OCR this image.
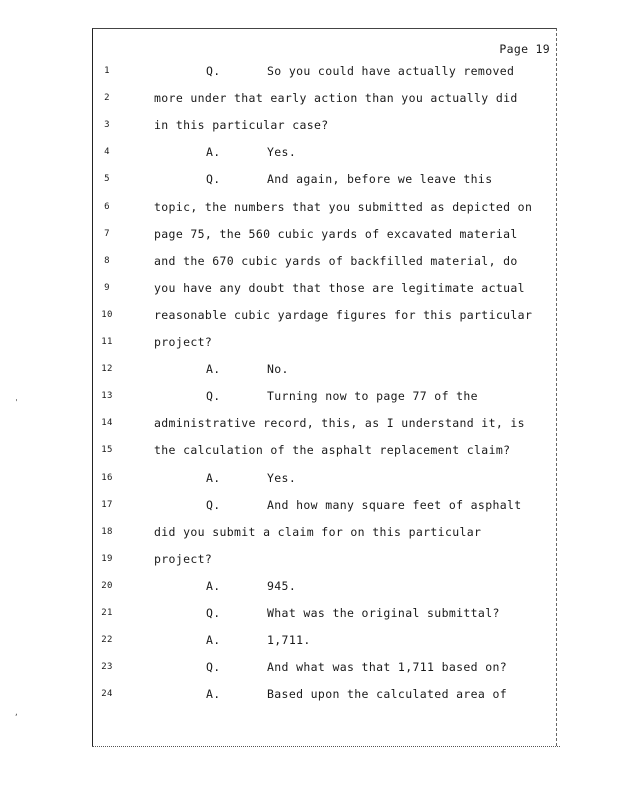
Page 19
'
,
1	Q.	So you could have actually removed
2	more under that early action than you actually did
3	in this particular case?
4	A.	Yes.
5	Q.	And again, before we leave this
6	topic, the numbers that you submitted as depicted on
7	page 75, the 560 cubic yards of excavated material
8	and the 670 cubic yards of backfilled material, do
9	you have any doubt that those are legitimate actual
10	reasonable cubic yardage figures for this particular
11	project?
12	A.	No.
13	Q.	Turning now to page 77 of the
14	administrative record, this, as I understand it, is
15	the calculation of the asphalt replacement claim?
16	A.	Yes.
17	Q.	And how many square feet of asphalt
18	did you submit a claim for on this particular
19	project?
20	A.	945.
21	Q.	What was the original submittal?
22	A.	1,711.
23	Q.	And what was that 1,711 based on?
24	A.	Based upon the calculated area of
